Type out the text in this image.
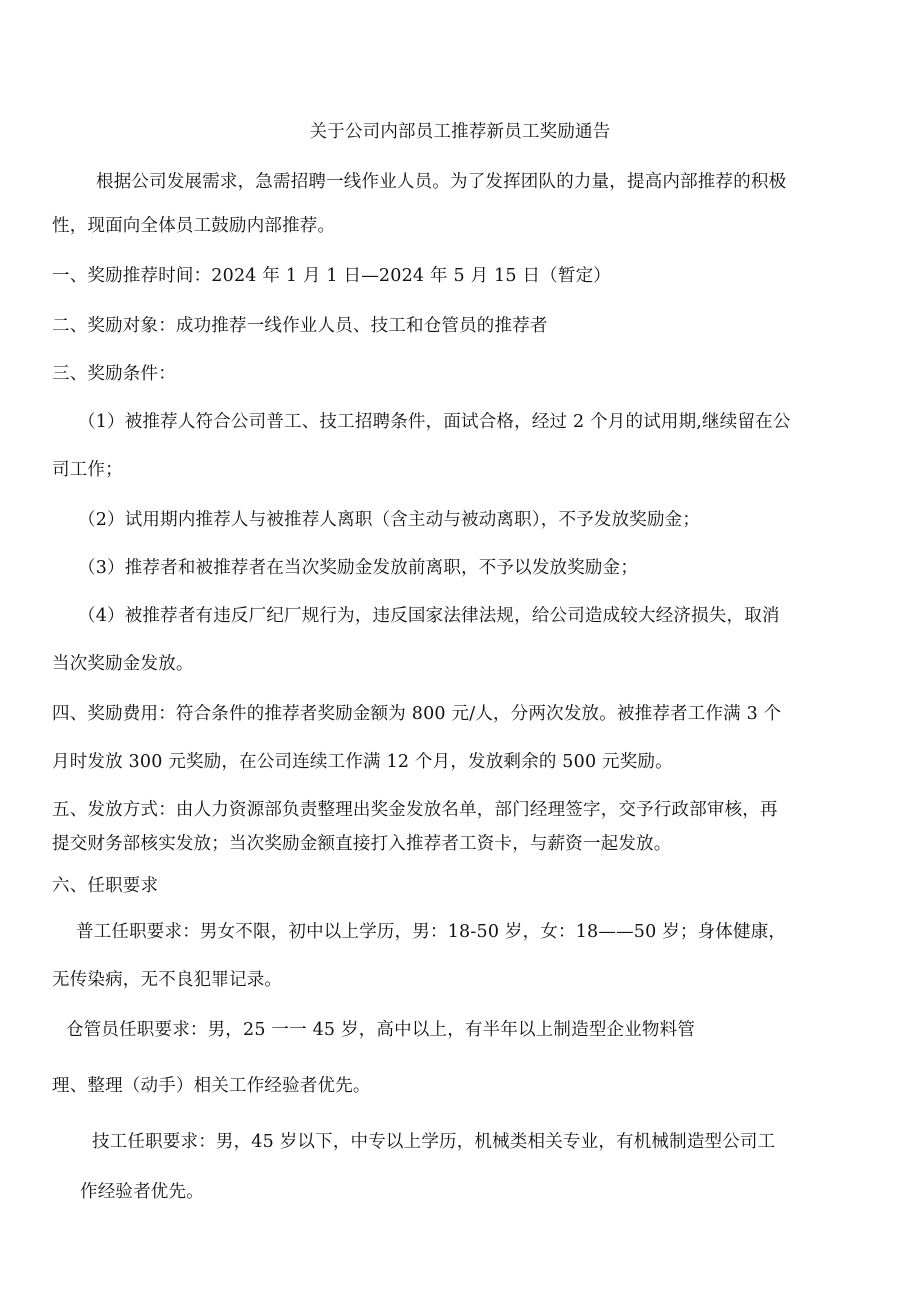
关于公司内部员工推荐新员工奖励通告
根据公司发展需求，急需招聘一线作业人员。为了发挥团队的力量，提高内部推荐的积极
性，现面向全体员工鼓励内部推荐。
一、奖励推荐时间：2024 年 1 月 1 日—2024 年 5 月 15 日（暂定）
二、奖励对象：成功推荐一线作业人员、技工和仓管员的推荐者
三、奖励条件：
（1）被推荐人符合公司普工、技工招聘条件，面试合格，经过 2 个月的试用期,继续留在公
司工作；
（2）试用期内推荐人与被推荐人离职（含主动与被动离职），不予发放奖励金；
（3）推荐者和被推荐者在当次奖励金发放前离职，不予以发放奖励金；
（4）被推荐者有违反厂纪厂规行为，违反国家法律法规，给公司造成较大经济损失，取消
当次奖励金发放。
四、奖励费用：符合条件的推荐者奖励金额为 800 元/人，分两次发放。被推荐者工作满 3 个
月时发放 300 元奖励，在公司连续工作满 12 个月，发放剩余的 500 元奖励。
五、发放方式：由人力资源部负责整理出奖金发放名单，部门经理签字，交予行政部审核，再
提交财务部核实发放；当次奖励金额直接打入推荐者工资卡，与薪资一起发放。
六、任职要求
普工任职要求：男女不限，初中以上学历，男：18-50 岁，女：18——50 岁；身体健康，
无传染病，无不良犯罪记录。
仓管员任职要求：男，25 一一 45 岁，高中以上，有半年以上制造型企业物料管
理、整理（动手）相关工作经验者优先。
技工任职要求：男，45 岁以下，中专以上学历，机械类相关专业，有机械制造型公司工
作经验者优先。
